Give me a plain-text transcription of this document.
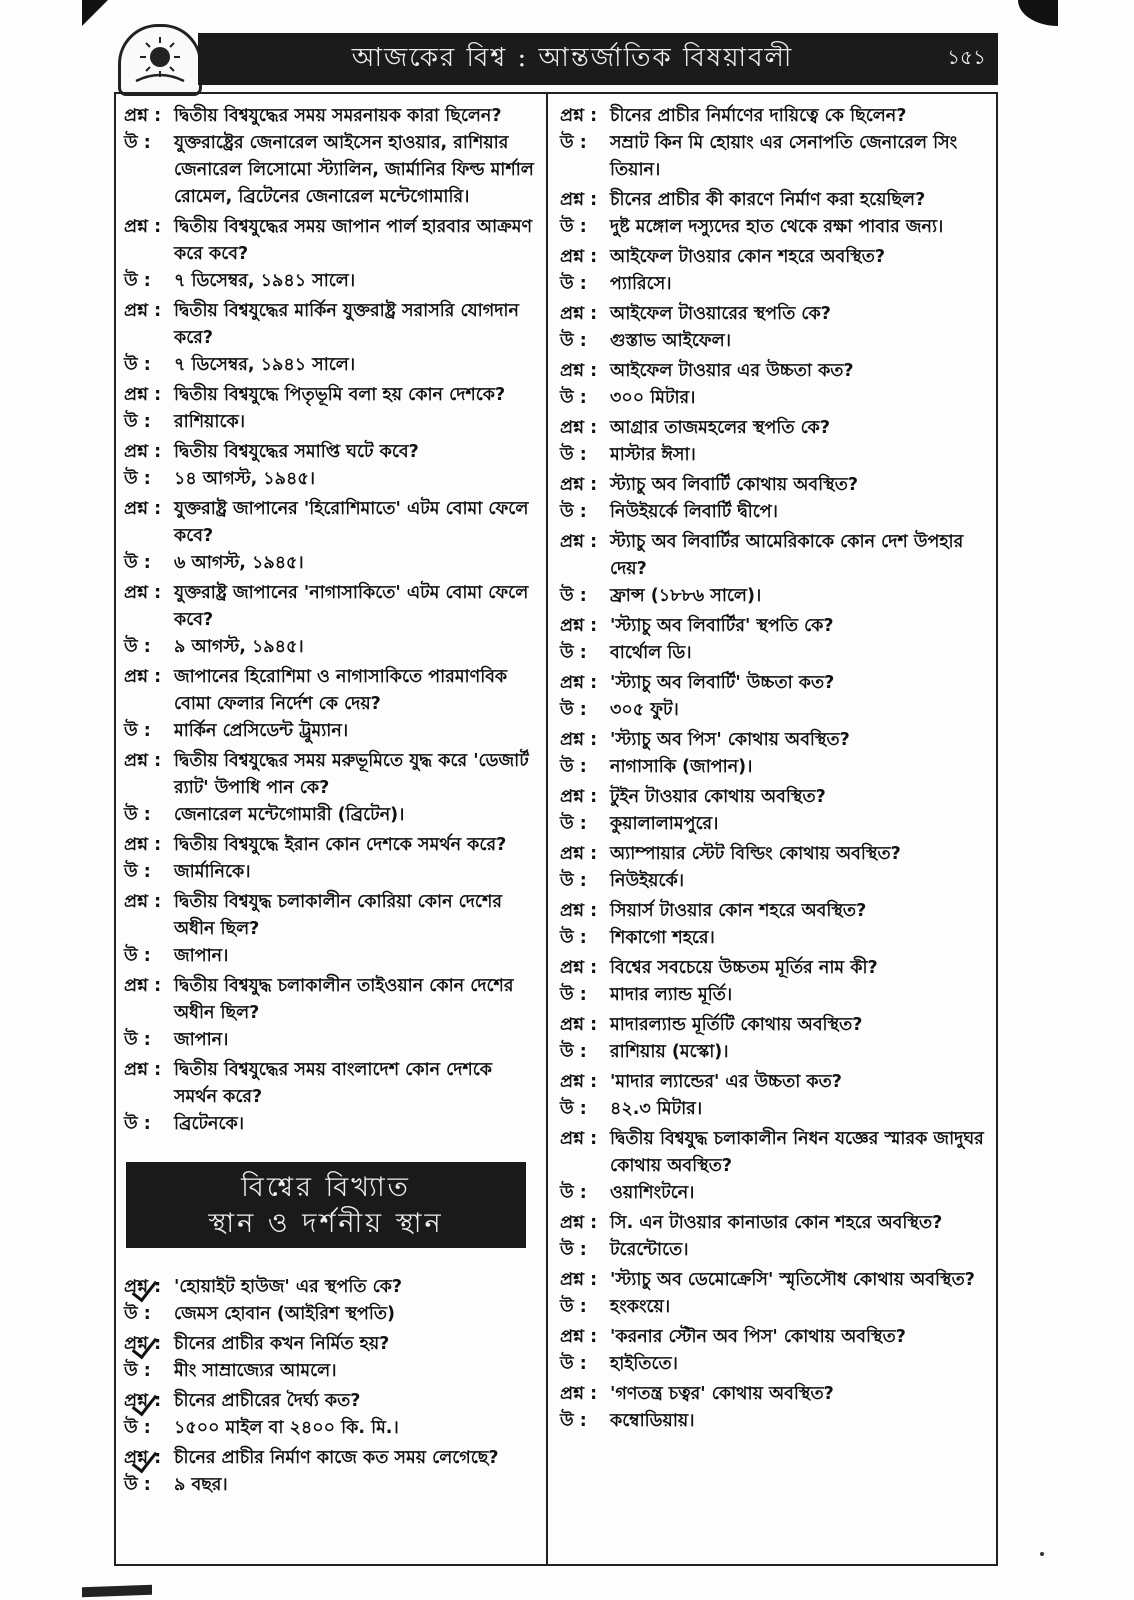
আজকের বিশ্ব : আন্তর্জাতিক বিষয়াবলী	১৫১
প্রশ্ন : দ্বিতীয় বিশ্বযুদ্ধের সময় সমরনায়ক কারা ছিলেন?
উ :	যুক্তরাষ্ট্রের জেনারেল আইসেন হাওয়ার, রাশিয়ার জেনারেল লিসোমো স্ট্যালিন, জার্মানির ফিল্ড মার্শাল রোমেল, ব্রিটেনের জেনারেল মন্টেগোমারি।
প্রশ্ন : দ্বিতীয় বিশ্বযুদ্ধের সময় জাপান পার্ল হারবার আক্রমণ করে কবে?
উ :	৭ ডিসেম্বর, ১৯৪১ সালে।
প্রশ্ন : দ্বিতীয় বিশ্বযুদ্ধের মার্কিন যুক্তরাষ্ট্র সরাসরি যোগদান করে?
উ :	৭ ডিসেম্বর, ১৯৪১ সালে।
প্রশ্ন : দ্বিতীয় বিশ্বযুদ্ধে পিতৃভূমি বলা হয় কোন দেশকে?
উ :	রাশিয়াকে।
প্রশ্ন : দ্বিতীয় বিশ্বযুদ্ধের সমাপ্তি ঘটে কবে?
উ :	১৪ আগস্ট, ১৯৪৫।
প্রশ্ন : যুক্তরাষ্ট্র জাপানের 'হিরোশিমাতে' এটম বোমা ফেলে কবে?
উ :	৬ আগস্ট, ১৯৪৫।
প্রশ্ন : যুক্তরাষ্ট্র জাপানের 'নাগাসাকিতে' এটম বোমা ফেলে কবে?
উ :	৯ আগস্ট, ১৯৪৫।
প্রশ্ন : জাপানের হিরোশিমা ও নাগাসাকিতে পারমাণবিক বোমা ফেলার নির্দেশ কে দেয়?
উ :	মার্কিন প্রেসিডেন্ট ট্রুম্যান।
প্রশ্ন : দ্বিতীয় বিশ্বযুদ্ধের সময় মরুভূমিতে যুদ্ধ করে 'ডেজার্ট র‍্যাট' উপাধি পান কে?
উ :	জেনারেল মন্টেগোমারী (ব্রিটেন)।
প্রশ্ন : দ্বিতীয় বিশ্বযুদ্ধে ইরান কোন দেশকে সমর্থন করে?
উ :	জার্মানিকে।
প্রশ্ন : দ্বিতীয় বিশ্বযুদ্ধ চলাকালীন কোরিয়া কোন দেশের অধীন ছিল?
উ :	জাপান।
প্রশ্ন : দ্বিতীয় বিশ্বযুদ্ধ চলাকালীন তাইওয়ান কোন দেশের অধীন ছিল?
উ :	জাপান।
প্রশ্ন : দ্বিতীয় বিশ্বযুদ্ধের সময় বাংলাদেশ কোন দেশকে সমর্থন করে?
উ :	ব্রিটেনকে।
বিশ্বের বিখ্যাত
স্থান ও দর্শনীয় স্থান
প্রশ্ন : 'হোয়াইট হাউজ' এর স্থপতি কে?
উ :	জেমস হোবান (আইরিশ স্থপতি)
প্রশ্ন : চীনের প্রাচীর কখন নির্মিত হয়?
উ :	মীং সাম্রাজ্যের আমলে।
প্রশ্ন : চীনের প্রাচীরের দৈর্ঘ্য কত?
উ :	১৫০০ মাইল বা ২৪০০ কি. মি.।
প্রশ্ন : চীনের প্রাচীর নির্মাণ কাজে কত সময় লেগেছে?
উ :	৯ বছর।
প্রশ্ন : চীনের প্রাচীর নির্মাণের দায়িত্বে কে ছিলেন?
উ :	সম্রাট কিন মি হোয়াং এর সেনাপতি জেনারেল সিং তিয়ান।
প্রশ্ন : চীনের প্রাচীর কী কারণে নির্মাণ করা হয়েছিল?
উ :	দুষ্ট মঙ্গোল দস্যুদের হাত থেকে রক্ষা পাবার জন্য।
প্রশ্ন : আইফেল টাওয়ার কোন শহরে অবস্থিত?
উ :	প্যারিসে।
প্রশ্ন : আইফেল টাওয়ারের স্থপতি কে?
উ :	গুস্তাভ আইফেল।
প্রশ্ন : আইফেল টাওয়ার এর উচ্চতা কত?
উ :	৩০০ মিটার।
প্রশ্ন : আগ্রার তাজমহলের স্থপতি কে?
উ :	মাস্টার ঈসা।
প্রশ্ন : স্ট্যাচু অব লিবার্টি কোথায় অবস্থিত?
উ :	নিউইয়র্কে লিবার্টি দ্বীপে।
প্রশ্ন : স্ট্যাচু অব লিবার্টির আমেরিকাকে কোন দেশ উপহার দেয়?
উ :	ফ্রান্স (১৮৮৬ সালে)।
প্রশ্ন : 'স্ট্যাচু অব লিবার্টির' স্থপতি কে?
উ :	বার্থোল ডি।
প্রশ্ন : 'স্ট্যাচু অব লিবার্টি' উচ্চতা কত?
উ :	৩০৫ ফুট।
প্রশ্ন : 'স্ট্যাচু অব পিস' কোথায় অবস্থিত?
উ :	নাগাসাকি (জাপান)।
প্রশ্ন : টুইন টাওয়ার কোথায় অবস্থিত?
উ :	কুয়ালালামপুরে।
প্রশ্ন : অ্যাম্পায়ার স্টেট বিল্ডিং কোথায় অবস্থিত?
উ :	নিউইয়র্কে।
প্রশ্ন : সিয়ার্স টাওয়ার কোন শহরে অবস্থিত?
উ :	শিকাগো শহরে।
প্রশ্ন : বিশ্বের সবচেয়ে উচ্চতম মূর্তির নাম কী?
উ :	মাদার ল্যান্ড মূর্তি।
প্রশ্ন : মাদারল্যান্ড মূর্তিটি কোথায় অবস্থিত?
উ :	রাশিয়ায় (মস্কো)।
প্রশ্ন : 'মাদার ল্যান্ডের' এর উচ্চতা কত?
উ :	৪২.৩ মিটার।
প্রশ্ন : দ্বিতীয় বিশ্বযুদ্ধ চলাকালীন নিধন যজ্ঞের স্মারক জাদুঘর কোথায় অবস্থিত?
উ :	ওয়াশিংটনে।
প্রশ্ন : সি. এন টাওয়ার কানাডার কোন শহরে অবস্থিত?
উ :	টরেন্টোতে।
প্রশ্ন : 'স্ট্যাচু অব ডেমোক্রেসি' স্মৃতিসৌধ কোথায় অবস্থিত?
উ :	হংকংয়ে।
প্রশ্ন : 'করনার স্টৌন অব পিস' কোথায় অবস্থিত?
উ :	হাইতিতে।
প্রশ্ন : 'গণতন্ত্র চত্বর' কোথায় অবস্থিত?
উ :	কম্বোডিয়ায়।
